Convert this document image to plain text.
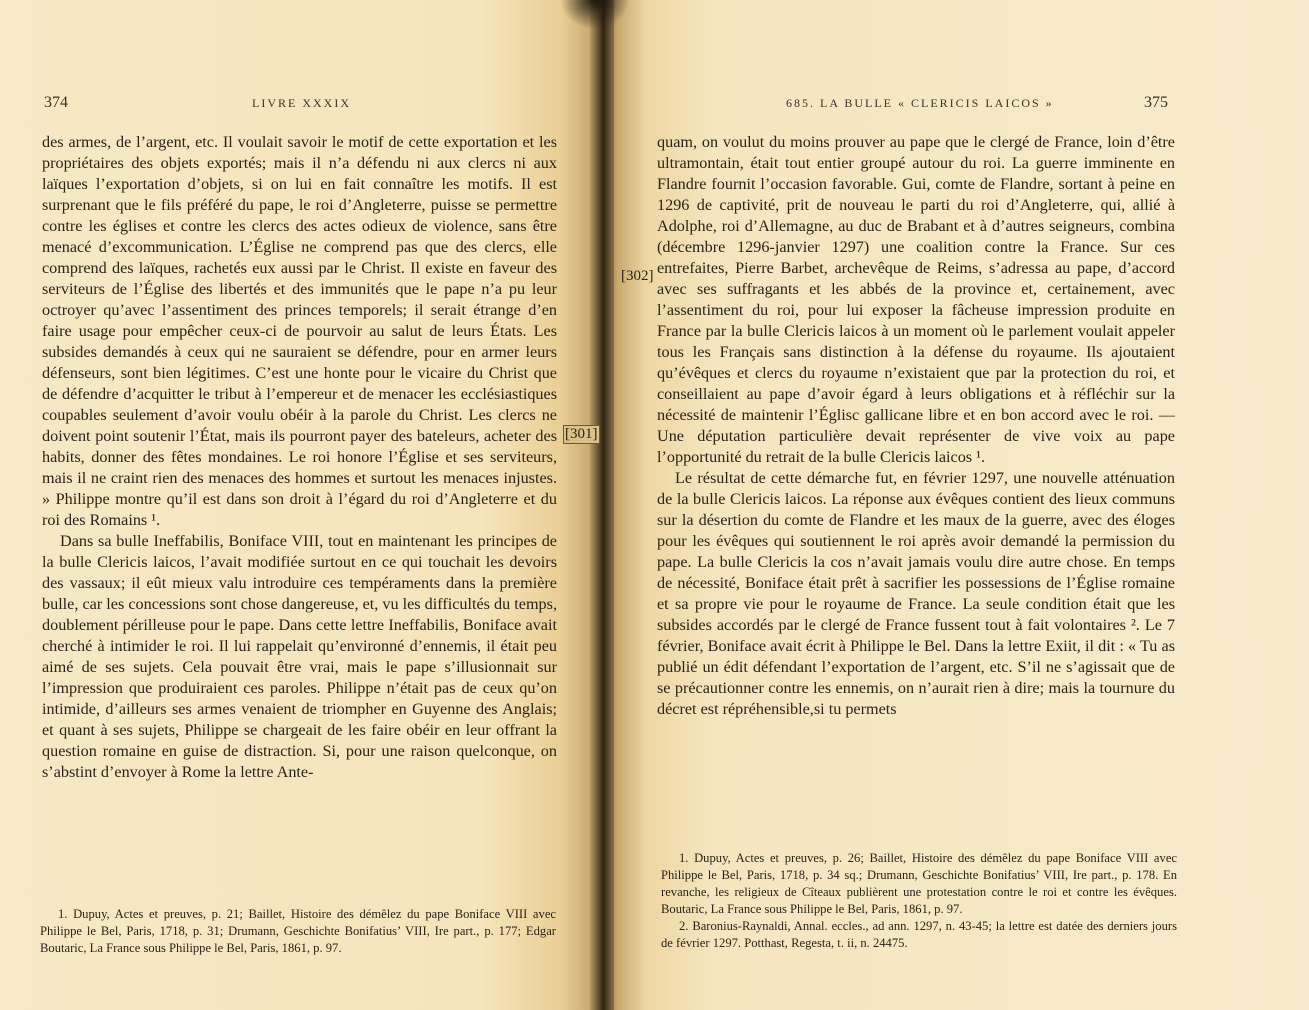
374	LIVRE XXXIX

des armes, de l’argent, etc. Il voulait savoir le motif de cette exportation et les propriétaires des objets exportés; mais il n’a défendu ni aux clercs ni aux laïques l’exportation d’objets, si on lui en fait connaître les motifs. Il est surprenant que le fils préféré du pape, le roi d’Angleterre, puisse se permettre contre les églises et contre les clercs des actes odieux de violence, sans être menacé d’excommunication. L’Église ne comprend pas que des clercs, elle comprend des laïques, rachetés eux aussi par le Christ. Il existe en faveur des serviteurs de l’Église des libertés et des immunités que le pape n’a pu leur octroyer qu’avec l’assentiment des princes temporels; il serait étrange d’en faire usage pour empêcher ceux-ci de pourvoir au salut de leurs États. Les subsides demandés à ceux qui ne sauraient se défendre, pour en armer leurs défenseurs, sont bien légitimes. C’est une honte pour le vicaire du Christ que de défendre d’acquitter le tribut à l’empereur et de menacer les ecclésiastiques coupables seulement d’avoir voulu obéir à la parole du Christ. Les clercs ne doivent point soutenir l’État, mais ils pourront payer des bateleurs, acheter des habits, donner des fêtes mondaines. Le roi honore l’Église et ses serviteurs, mais il ne craint rien des menaces des hommes et surtout les menaces injustes. » Philippe montre qu’il est dans son droit à l’égard du roi d’Angleterre et du roi des Romains ¹.

Dans sa bulle Ineffabilis, Boniface VIII, tout en maintenant les principes de la bulle Clericis laicos, l’avait modifiée surtout en ce qui touchait les devoirs des vassaux; il eût mieux valu introduire ces tempéraments dans la première bulle, car les concessions sont chose dangereuse, et, vu les difficultés du temps, doublement périlleuse pour le pape. Dans cette lettre Ineffabilis, Boniface avait cherché à intimider le roi. Il lui rappelait qu’environné d’ennemis, il était peu aimé de ses sujets. Cela pouvait être vrai, mais le pape s’illusionnait sur l’impression que produiraient ces paroles. Philippe n’était pas de ceux qu’on intimide, d’ailleurs ses armes venaient de triompher en Guyenne des Anglais; et quant à ses sujets, Philippe se chargeait de les faire obéir en leur offrant la question romaine en guise de distraction. Si, pour une raison quelconque, on s’abstint d’envoyer à Rome la lettre Ante-

1. Dupuy, Actes et preuves, p. 21; Baillet, Histoire des démêlez du pape Boniface VIII avec Philippe le Bel, Paris, 1718, p. 31; Drumann, Geschichte Bonifatius’ VIII, Ire part., p. 177; Edgar Boutaric, La France sous Philippe le Bel, Paris, 1861, p. 97.

685. LA BULLE « CLERICIS LAICOS »	375

quam, on voulut du moins prouver au pape que le clergé de France, loin d’être ultramontain, était tout entier groupé autour du roi. La guerre imminente en Flandre fournit l’occasion favorable. Gui, comte de Flandre, sortant à peine en 1296 de captivité, prit de nouveau le parti du roi d’Angleterre, qui, allié à Adolphe, roi d’Allemagne, au duc de Brabant et à d’autres seigneurs, combina (décembre 1296-janvier 1297) une coalition contre la France. Sur ces entrefaites, Pierre Barbet, archevêque de Reims, s’adressa au pape, d’accord avec ses suffragants et les abbés de la province et, certainement, avec l’assentiment du roi, pour lui exposer la fâcheuse impression produite en France par la bulle Clericis laicos à un moment où le parlement voulait appeler tous les Français sans distinction à la défense du royaume. Ils ajoutaient qu’évêques et clercs du royaume n’existaient que par la protection du roi, et conseillaient au pape d’avoir égard à leurs obligations et à réfléchir sur la nécessité de maintenir l’Églisc gallicane libre et en bon accord avec le roi. — Une députation particulière devait représenter de vive voix au pape l’opportunité du retrait de la bulle Clericis laicos ¹.

Le résultat de cette démarche fut, en février 1297, une nouvelle atténuation de la bulle Clericis laicos. La réponse aux évêques contient des lieux communs sur la désertion du comte de Flandre et les maux de la guerre, avec des éloges pour les évêques qui soutiennent le roi après avoir demandé la permission du pape. La bulle Clericis la cos n’avait jamais voulu dire autre chose. En temps de nécessité, Boniface était prêt à sacrifier les possessions de l’Église romaine et sa propre vie pour le royaume de France. La seule condition était que les subsides accordés par le clergé de France fussent tout à fait volontaires ². Le 7 février, Boniface avait écrit à Philippe le Bel. Dans la lettre Exiit, il dit : « Tu as publié un édit défendant l’exportation de l’argent, etc. S’il ne s’agissait que de se précautionner contre les ennemis, on n’aurait rien à dire; mais la tournure du décret est répréhensible,si tu permets

1. Dupuy, Actes et preuves, p. 26; Baillet, Histoire des démêlez du pape Boniface VIII avec Philippe le Bel, Paris, 1718, p. 34 sq.; Drumann, Geschichte Bonifatius’ VIII, Ire part., p. 178. En revanche, les religieux de Cîteaux publièrent une protestation contre le roi et contre les évêques. Boutaric, La France sous Philippe le Bel, Paris, 1861, p. 97.

2. Baronius-Raynaldi, Annal. eccles., ad ann. 1297, n. 43-45; la lettre est datée des derniers jours de février 1297. Potthast, Regesta, t. ii, n. 24475.

[301]
[302]
